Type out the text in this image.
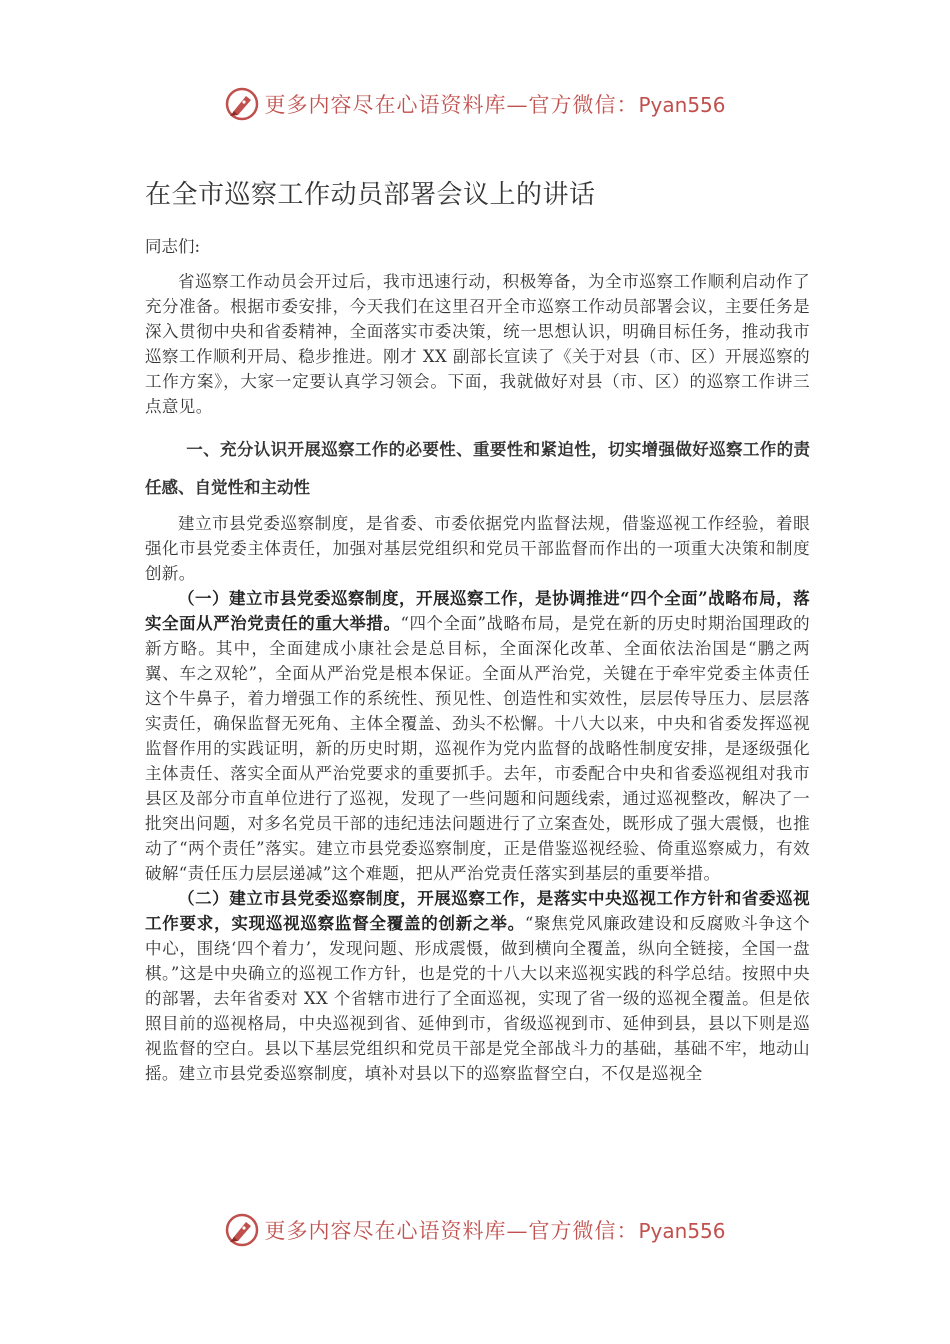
更多内容尽在心语资料库—官方微信：Pyan556
在全市巡察工作动员部署会议上的讲话
同志们:

省巡察工作动员会开过后，我市迅速行动，积极筹备，为全市巡察工作顺利启动作了充分准备。根据市委安排，今天我们在这里召开全市巡察工作动员部署会议，主要任务是深入贯彻中央和省委精神，全面落实市委决策，统一思想认识，明确目标任务，推动我市巡察工作顺利开局、稳步推进。刚才 XX 副部长宣读了《关于对县（市、区）开展巡察的工作方案》，大家一定要认真学习领会。下面，我就做好对县（市、区）的巡察工作讲三点意见。

一、充分认识开展巡察工作的必要性、重要性和紧迫性，切实增强做好巡察工作的责任感、自觉性和主动性

建立市县党委巡察制度，是省委、市委依据党内监督法规，借鉴巡视工作经验，着眼强化市县党委主体责任，加强对基层党组织和党员干部监督而作出的一项重大决策和制度创新。

（一）建立市县党委巡察制度，开展巡察工作，是协调推进“四个全面”战略布局，落实全面从严治党责任的重大举措。“四个全面”战略布局，是党在新的历史时期治国理政的新方略。其中，全面建成小康社会是总目标，全面深化改革、全面依法治国是“鹏之两翼、车之双轮”，全面从严治党是根本保证。全面从严治党，关键在于牵牢党委主体责任这个牛鼻子，着力增强工作的系统性、预见性、创造性和实效性，层层传导压力、层层落实责任，确保监督无死角、主体全覆盖、劲头不松懈。十八大以来，中央和省委发挥巡视监督作用的实践证明，新的历史时期，巡视作为党内监督的战略性制度安排，是逐级强化主体责任、落实全面从严治党要求的重要抓手。去年，市委配合中央和省委巡视组对我市县区及部分市直单位进行了巡视，发现了一些问题和问题线索，通过巡视整改，解决了一批突出问题，对多名党员干部的违纪违法问题进行了立案查处，既形成了强大震慑，也推动了“两个责任”落实。建立市县党委巡察制度，正是借鉴巡视经验、倚重巡察威力，有效破解“责任压力层层递减”这个难题，把从严治党责任落实到基层的重要举措。

（二）建立市县党委巡察制度，开展巡察工作，是落实中央巡视工作方针和省委巡视工作要求，实现巡视巡察监督全覆盖的创新之举。“聚焦党风廉政建设和反腐败斗争这个中心，围绕‘四个着力’，发现问题、形成震慑，做到横向全覆盖，纵向全链接，全国一盘棋。”这是中央确立的巡视工作方针，也是党的十八大以来巡视实践的科学总结。按照中央的部署，去年省委对 XX 个省辖市进行了全面巡视，实现了省一级的巡视全覆盖。但是依照目前的巡视格局，中央巡视到省、延伸到市，省级巡视到市、延伸到县，县以下则是巡视监督的空白。县以下基层党组织和党员干部是党全部战斗力的基础，基础不牢，地动山摇。建立市县党委巡察制度，填补对县以下的巡察监督空白，不仅是巡视全

更多内容尽在心语资料库—官方微信：Pyan556
